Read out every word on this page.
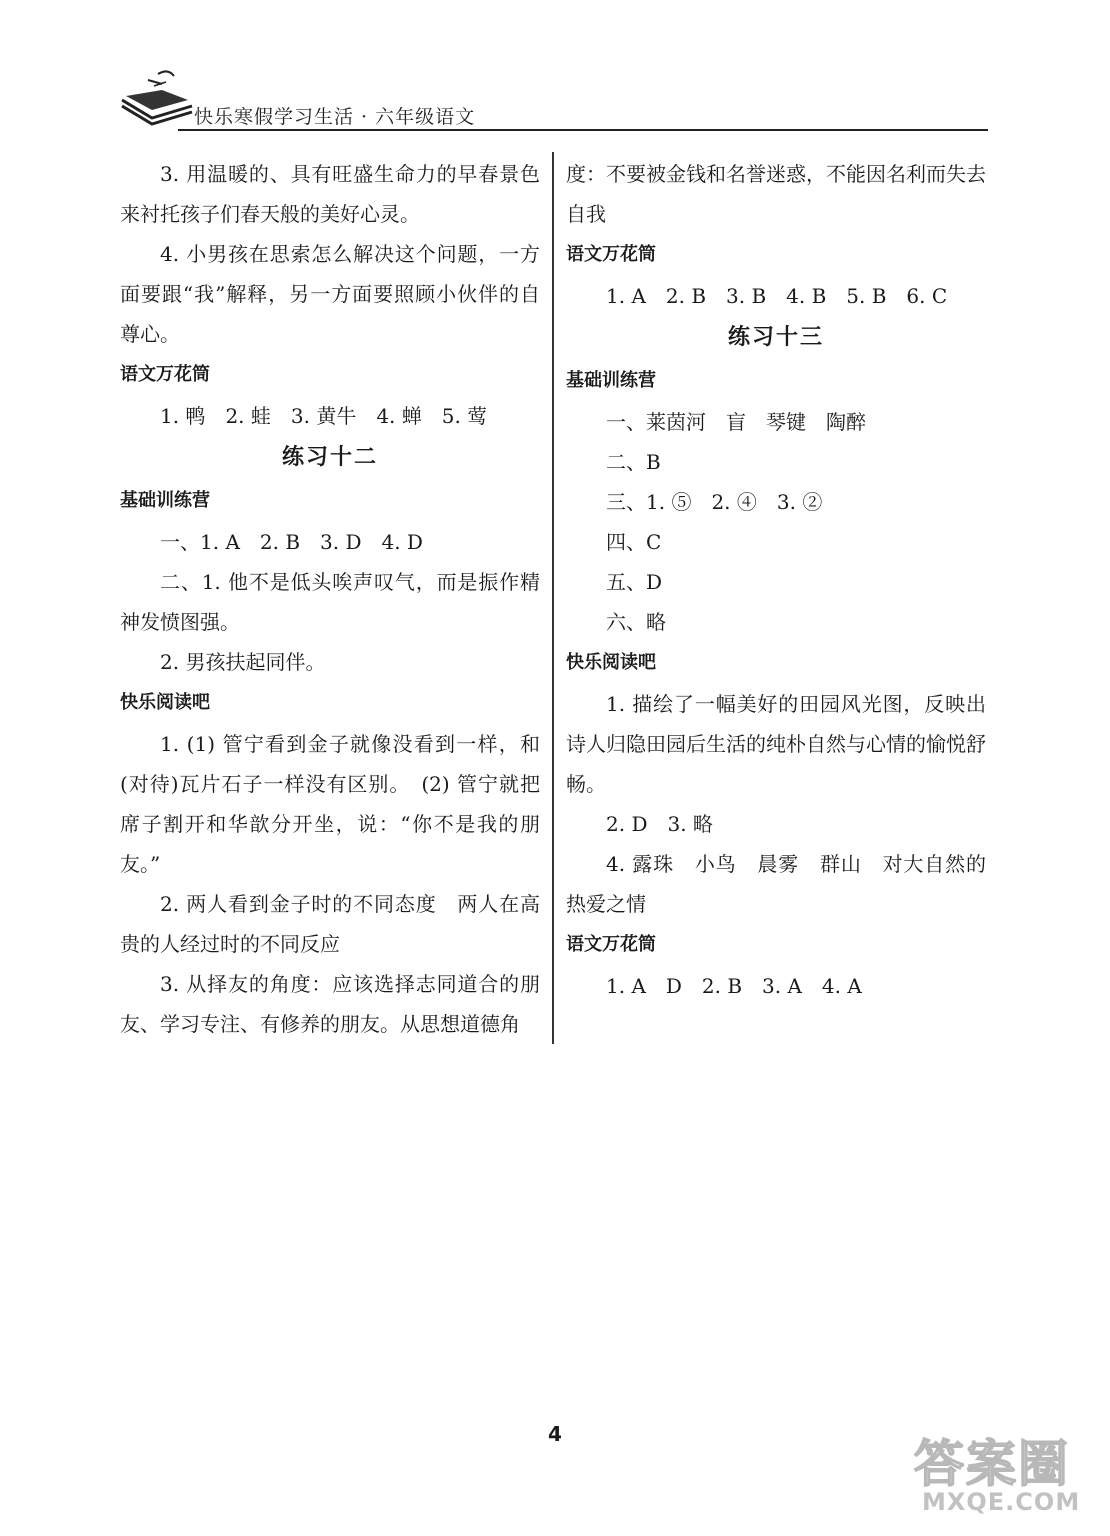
快乐寒假学习生活 · 六年级语文

3. 用温暖的、具有旺盛生命力的早春景色来衬托孩子们春天般的美好心灵。

4. 小男孩在思索怎么解决这个问题，一方面要跟“我”解释，另一方面要照顾小伙伴的自尊心。

语文万花筒

1. 鸭　2. 蛙　3. 黄牛　4. 蝉　5. 莺

练习十二

基础训练营

一、1. A　2. B　3. D　4. D

二、1. 他不是低头唉声叹气，而是振作精神发愤图强。

2. 男孩扶起同伴。

快乐阅读吧

1. (1) 管宁看到金子就像没看到一样，和(对待)瓦片石子一样没有区别。　(2) 管宁就把席子割开和华歆分开坐，说：“你不是我的朋友。”

2. 两人看到金子时的不同态度　两人在高贵的人经过时的不同反应

3. 从择友的角度：应该选择志同道合的朋友、学习专注、有修养的朋友。从思想道德角

度：不要被金钱和名誉迷惑，不能因名利而失去自我

语文万花筒

1. A　2. B　3. B　4. B　5. B　6. C

练习十三

基础训练营

一、莱茵河　盲　琴键　陶醉

二、B

三、1. ⑤　2. ④　3. ②

四、C

五、D

六、略

快乐阅读吧

1. 描绘了一幅美好的田园风光图，反映出诗人归隐田园后生活的纯朴自然与心情的愉悦舒畅。

2. D　3. 略

4. 露珠　小鸟　晨雾　群山　对大自然的热爱之情

语文万花筒

1. A　D　2. B　3. A　4. A

4
答案圈
MXQE.COM
